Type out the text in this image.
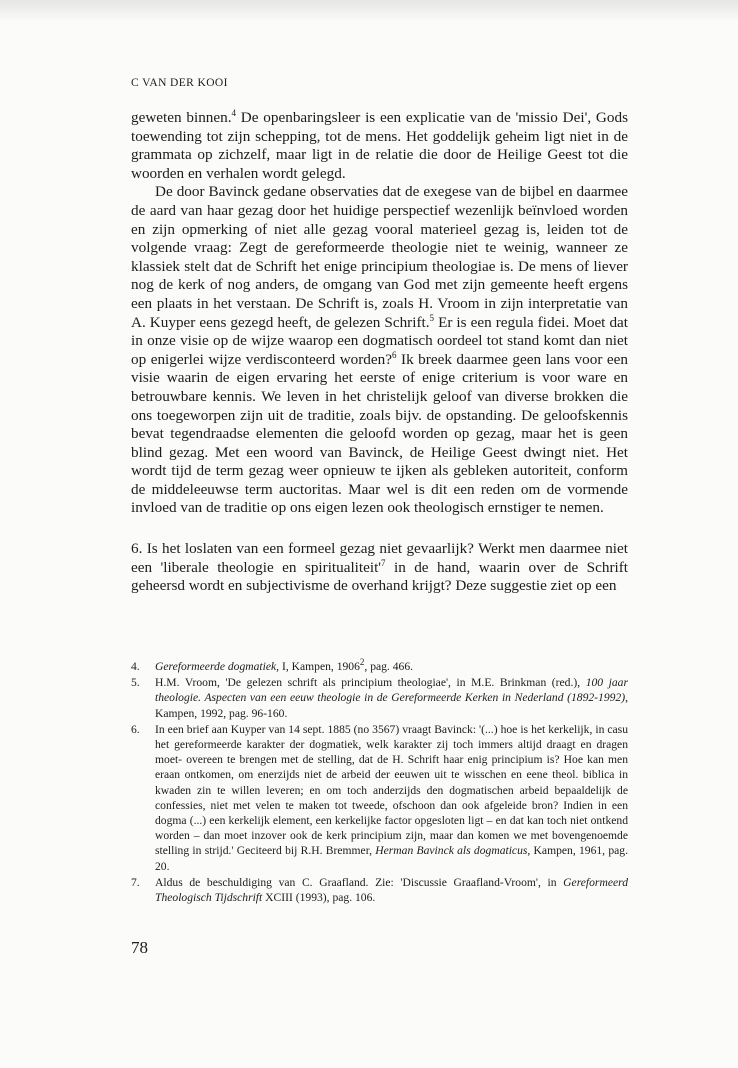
C VAN DER KOOI

geweten binnen.$^4$ De openbaringsleer is een explicatie van de 'missio Dei', Gods toewending tot zijn schepping, tot de mens. Het goddelijk geheim ligt niet in de grammata op zichzelf, maar ligt in de relatie die door de Heilige Geest tot die woorden en verhalen wordt gelegd.

De door Bavinck gedane observaties dat de exegese van de bijbel en daarmee de aard van haar gezag door het huidige perspectief wezenlijk beïnvloed worden en zijn opmerking of niet alle gezag vooral materieel gezag is, leiden tot de volgende vraag: Zegt de gereformeerde theologie niet te weinig, wanneer ze klassiek stelt dat de Schrift het enige principium theologiae is. De mens of liever nog de kerk of nog anders, de omgang van God met zijn gemeente heeft ergens een plaats in het verstaan. De Schrift is, zoals H. Vroom in zijn interpretatie van A. Kuyper eens gezegd heeft, de gelezen Schrift.$^5$ Er is een regula fidei. Moet dat in onze visie op de wijze waarop een dogmatisch oordeel tot stand komt dan niet op enigerlei wijze verdisconteerd worden?$^6$ Ik breek daarmee geen lans voor een visie waarin de eigen ervaring het eerste of enige criterium is voor ware en betrouwbare kennis. We leven in het christelijk geloof van diverse brokken die ons toegeworpen zijn uit de traditie, zoals bijv. de opstanding. De geloofskennis bevat tegendraadse elementen die geloofd worden op gezag, maar het is geen blind gezag. Met een woord van Bavinck, de Heilige Geest dwingt niet. Het wordt tijd de term gezag weer opnieuw te ijken als gebleken autoriteit, conform de middeleeuwse term auctoritas. Maar wel is dit een reden om de vormende invloed van de traditie op ons eigen lezen ook theologisch ernstiger te nemen.

6. Is het loslaten van een formeel gezag niet gevaarlijk? Werkt men daarmee niet een 'liberale theologie en $spiritualiteit'^7$ in de hand, waarin over de Schrift geheersd wordt en subjectivisme de overhand krijgt? Deze suggestie ziet op een

4.	Gereformeerde dogmatiek, I, Kampen, 1906$^2$, pag. 466.
5.	H.M. Vroom, 'De gelezen schrift als principium theologiae', in M.E. Brinkman (red.), 100 jaar theologie. Aspecten van een eeuw theologie in de Gereformeerde Kerken in Nederland (1892-1992), Kampen, 1992, pag. 96-160.
6.	In een brief aan Kuyper van 14 sept. 1885 (no 3567) vraagt Bavinck: '(...) hoe is het kerkelijk, in casu het gereformeerde karakter der dogmatiek, welk karakter zij toch immers altijd draagt en dragen moet- overeen te brengen met de stelling, dat de H. Schrift haar enig principium is? Hoe kan men eraan ontkomen, om enerzijds niet de arbeid der eeuwen uit te wisschen en eene theol. biblica in kwaden zin te willen leveren; en om toch anderzijds den dogmatischen arbeid bepaaldelijk de confessies, niet met velen te maken tot tweede, ofschoon dan ook afgeleide bron? Indien in een dogma (...) een kerkelijk element, een kerkelijke factor opgesloten ligt – en dat kan toch niet ontkend worden – dan moet inzover ook de kerk principium zijn, maar dan komen we met bovengenoemde stelling in strijd.' Geciteerd bij R.H. Bremmer, Herman Bavinck als dogmaticus, Kampen, 1961, pag. 20.
7.	Aldus de beschuldiging van C. Graafland. Zie: 'Discussie Graafland-Vroom', in Gereformeerd Theologisch Tijdschrift XCIII (1993), pag. 106.
78
